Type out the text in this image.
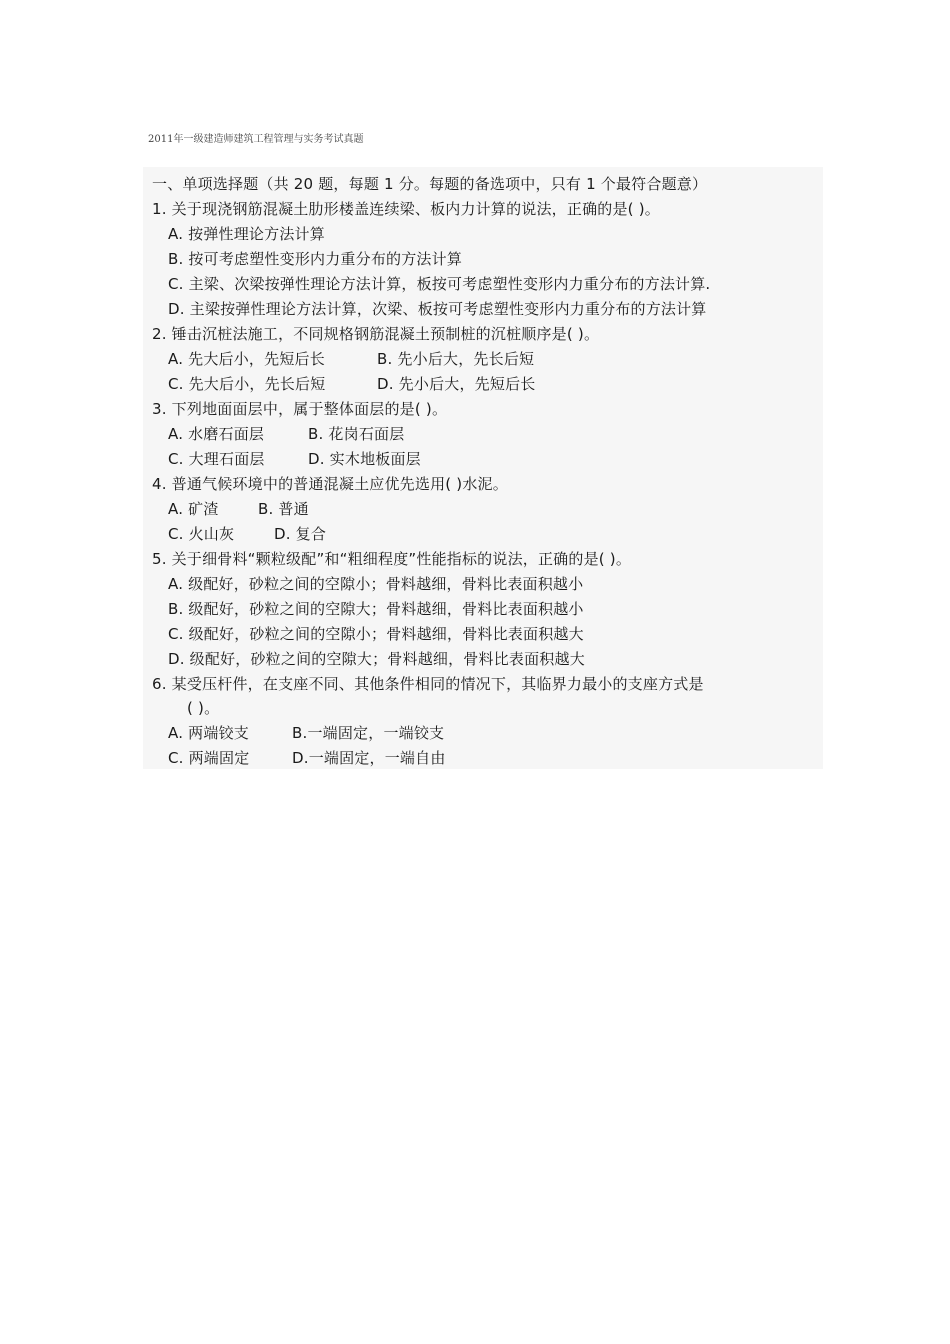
2011年一级建造师建筑工程管理与实务考试真题
一、单项选择题（共 20 题，每题 1 分。每题的备选项中，只有 1 个最符合题意）
1. 关于现浇钢筋混凝土肋形楼盖连续梁、板内力计算的说法，正确的是( )。
A. 按弹性理论方法计算
B. 按可考虑塑性变形内力重分布的方法计算
C. 主梁、次梁按弹性理论方法计算，板按可考虑塑性变形内力重分布的方法计算.
D. 主梁按弹性理论方法计算，次梁、板按可考虑塑性变形内力重分布的方法计算
2. 锤击沉桩法施工，不同规格钢筋混凝土预制桩的沉桩顺序是( )。
A. 先大后小，先短后长	B. 先小后大，先长后短
C. 先大后小，先长后短	D. 先小后大，先短后长
3. 下列地面面层中，属于整体面层的是( )。
A. 水磨石面层	B. 花岗石面层
C. 大理石面层	D. 实木地板面层
4. 普通气候环境中的普通混凝土应优先选用( )水泥。
A. 矿渣	B. 普通
C. 火山灰	D. 复合
5. 关于细骨料“颗粒级配”和“粗细程度”性能指标的说法，正确的是( )。
A. 级配好，砂粒之间的空隙小；骨料越细，骨料比表面积越小
B. 级配好，砂粒之间的空隙大；骨料越细，骨料比表面积越小
C. 级配好，砂粒之间的空隙小；骨料越细，骨料比表面积越大
D. 级配好，砂粒之间的空隙大；骨料越细，骨料比表面积越大
6. 某受压杆件，在支座不同、其他条件相同的情况下，其临界力最小的支座方式是
( )。
A. 两端铰支	B.一端固定，一端铰支
C. 两端固定	D.一端固定，一端自由
